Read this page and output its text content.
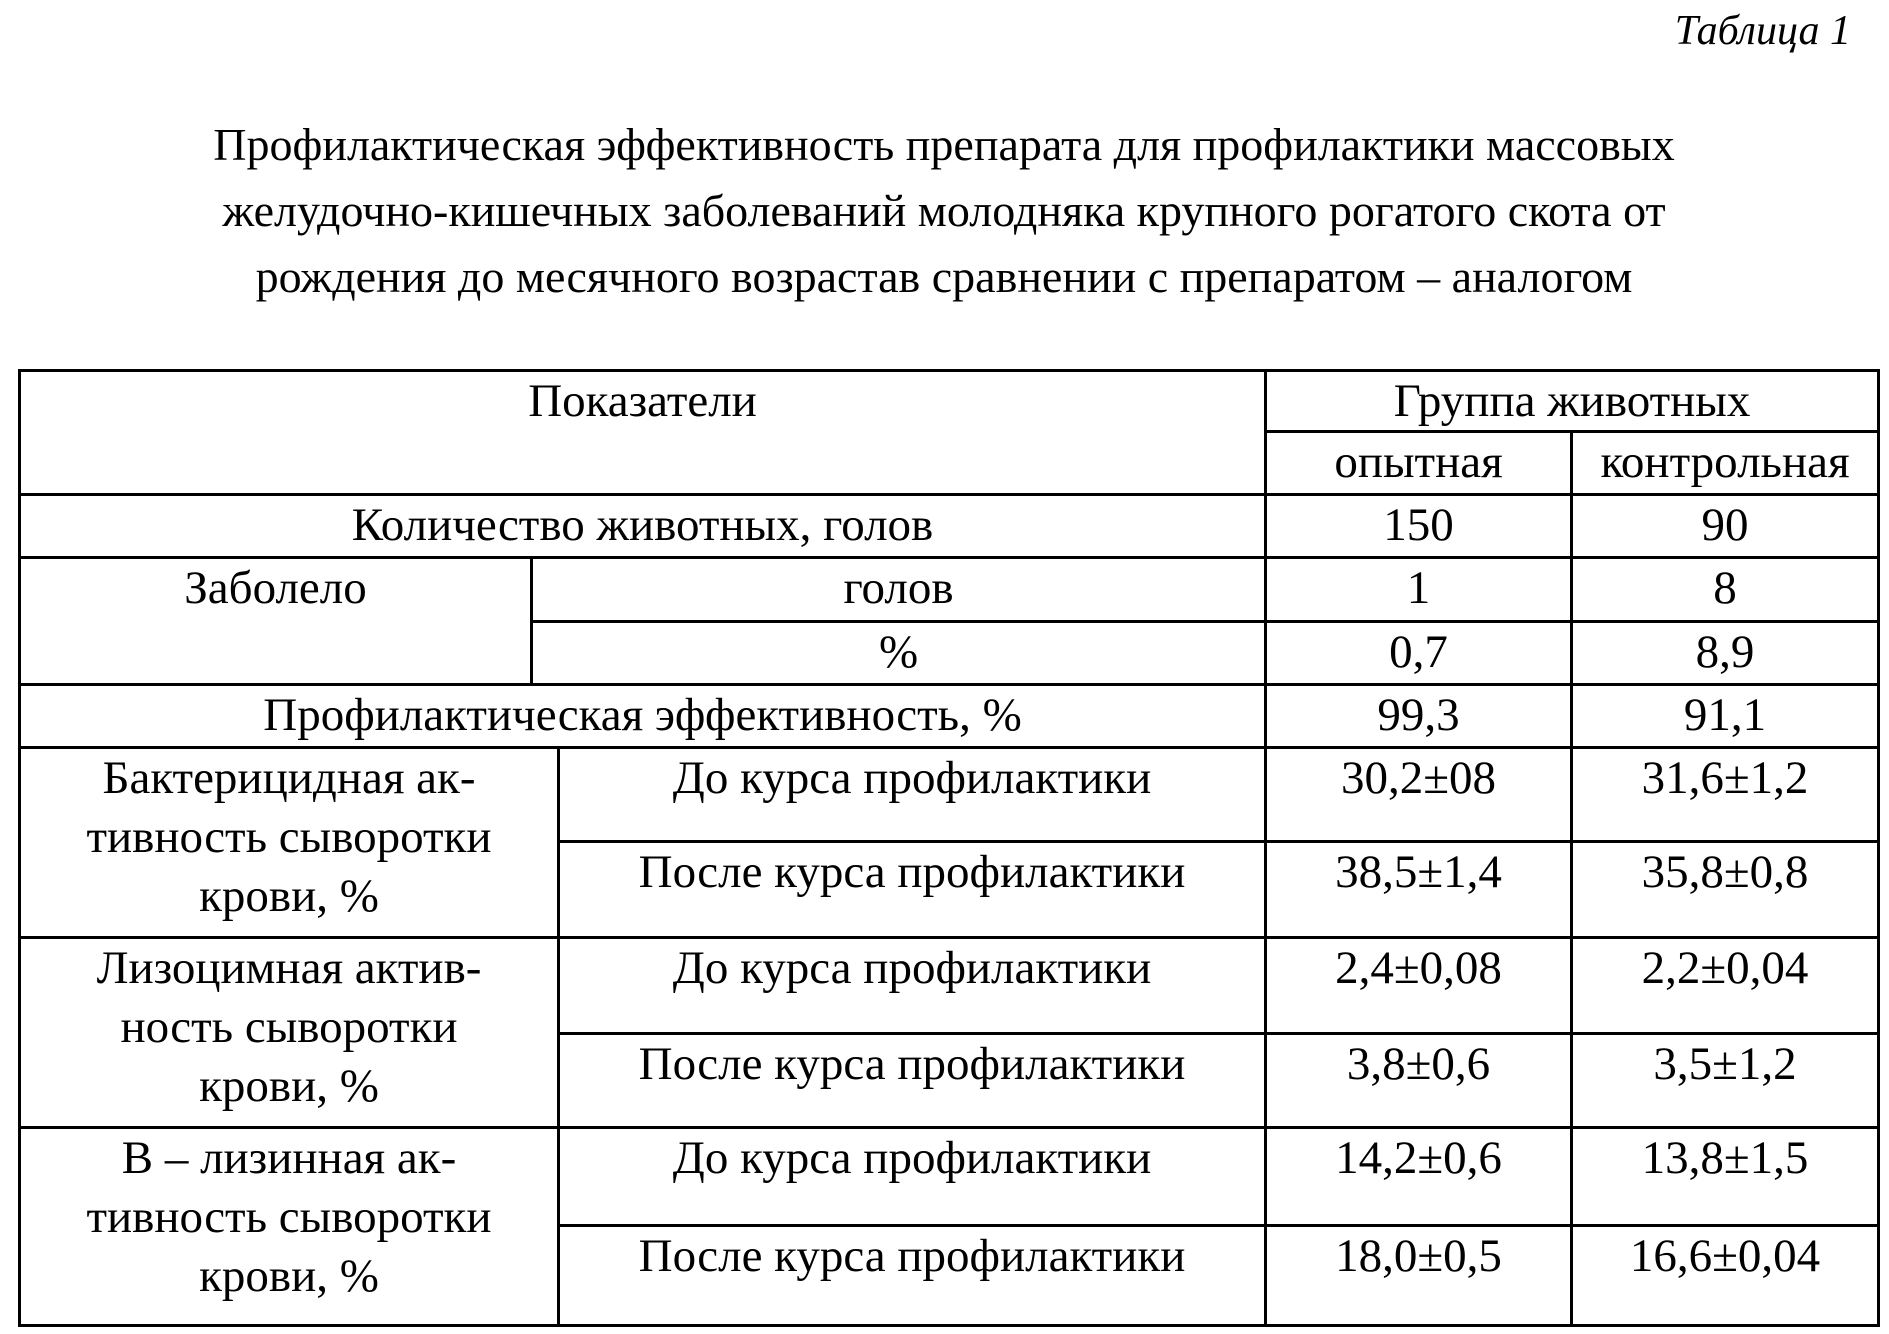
Таблица 1
Профилактическая эффективность препарата для профилактики массовых
желудочно-кишечных заболеваний молодняка крупного рогатого скота от
рождения до месячного возрастав сравнении с препаратом – аналогом
Показатели			Группа животных	
			опытная	контрольная
Количество животных, голов			150	90
Заболело	голов		1	8
	%		0,7	8,9
Профилактическая эффективность, %			99,3	91,1

Бактерицидная ак-
тивность сыворотки
крови, %		До курса профилактики	30,2±08	31,6±1,2
		После курса профилактики	38,5±1,4	35,8±0,8

Лизоцимная актив-
ность сыворотки
крови, %		До курса профилактики	2,4±0,08	2,2±0,04
		После курса профилактики	3,8±0,6	3,5±1,2

В – лизинная ак-
тивность сыворотки
крови, %		До курса профилактики	14,2±0,6	13,8±1,5
		После курса профилактики	18,0±0,5	16,6±0,04
